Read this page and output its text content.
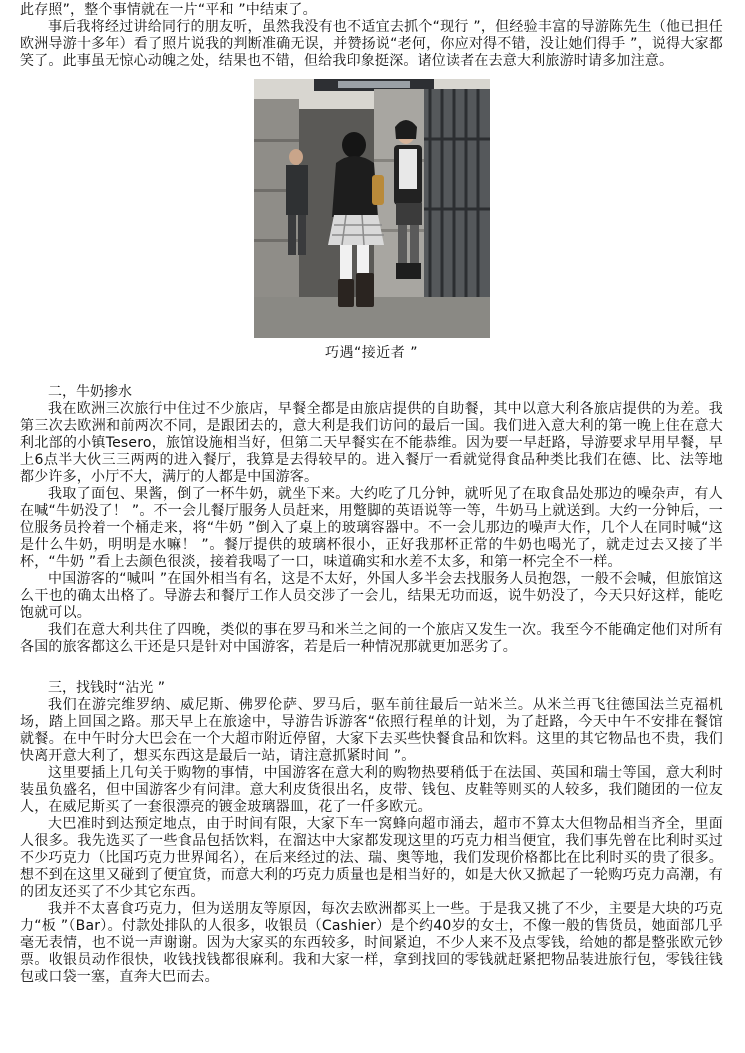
此存照”，整个事情就在一片“平和 ”中结束了。

事后我将经过讲给同行的朋友听，虽然我没有也不适宜去抓个“现行 ”，但经验丰富的导游陈先生（他已担任欧洲导游十多年）看了照片说我的判断准确无误，并赞扬说“老何，你应对得不错，没让她们得手 ”，说得大家都笑了。此事虽无惊心动魄之处，结果也不错，但给我印象挺深。诸位读者在去意大利旅游时请多加注意。

巧遇“接近者 ”
二，牛奶掺水

我在欧洲三次旅行中住过不少旅店，早餐全都是由旅店提供的自助餐，其中以意大利各旅店提供的为差。我第三次去欧洲和前两次不同，是跟团去的，意大利是我们访问的最后一国。我们进入意大利的第一晚上住在意大利北部的小镇Tesero，旅馆设施相当好，但第二天早餐实在不能恭维。因为要一早赶路，导游要求早用早餐，早上6点半大伙三三两两的进入餐厅，我算是去得较早的。进入餐厅一看就觉得食品种类比我们在德、比、法等地都少许多，小厅不大，满厅的人都是中国游客。

我取了面包、果酱，倒了一杯牛奶，就坐下来。大约吃了几分钟，就听见了在取食品处那边的噪杂声，有人在喊“牛奶没了！ ”。不一会儿餐厅服务人员赶来，用蹩脚的英语说等一等，牛奶马上就送到。大约一分钟后，一位服务员拎着一个桶走来，将“牛奶 ”倒入了桌上的玻璃容器中。不一会儿那边的噪声大作，几个人在同时喊“这是什么牛奶，明明是水嘛！ ”。餐厅提供的玻璃杯很小，正好我那杯正常的牛奶也喝光了，就走过去又接了半杯，“牛奶 ”看上去颜色很淡，接着我喝了一口，味道确实和水差不太多，和第一杯完全不一样。

中国游客的“喊叫 ”在国外相当有名，这是不太好，外国人多半会去找服务人员抱怨，一般不会喊，但旅馆这么干也的确太出格了。导游去和餐厅工作人员交涉了一会儿，结果无功而返，说牛奶没了，今天只好这样，能吃饱就可以。

我们在意大利共住了四晚，类似的事在罗马和米兰之间的一个旅店又发生一次。我至今不能确定他们对所有各国的旅客都这么干还是只是针对中国游客，若是后一种情况那就更加恶劣了。

三，找钱时“沾光 ”

我们在游完维罗纳、威尼斯、佛罗伦萨、罗马后，驱车前往最后一站米兰。从米兰再飞往德国法兰克福机场，踏上回国之路。那天早上在旅途中，导游告诉游客“依照行程单的计划，为了赶路，今天中午不安排在餐馆就餐。在中午时分大巴会在一个大超市附近停留，大家下去买些快餐食品和饮料。这里的其它物品也不贵，我们快离开意大利了，想买东西这是最后一站，请注意抓紧时间 ”。

这里要插上几句关于购物的事情，中国游客在意大利的购物热要稍低于在法国、英国和瑞士等国，意大利时装虽负盛名，但中国游客少有问津。意大利皮货很出名，皮带、钱包、皮鞋等则买的人较多，我们随团的一位友人，在威尼斯买了一套很漂亮的镀金玻璃器皿，花了一仟多欧元。

大巴准时到达预定地点，由于时间有限，大家下车一窝蜂向超市涌去，超市不算太大但物品相当齐全，里面人很多。我先选买了一些食品包括饮料，在溜达中大家都发现这里的巧克力相当便宜，我们事先曾在比利时买过不少巧克力（比国巧克力世界闻名），在后来经过的法、瑞、奥等地，我们发现价格都比在比利时买的贵了很多。想不到在这里又碰到了便宜货，而意大利的巧克力质量也是相当好的，如是大伙又掀起了一轮购巧克力高潮，有的团友还买了不少其它东西。

我并不太喜食巧克力，但为送朋友等原因，每次去欧洲都买上一些。于是我又挑了不少，主要是大块的巧克力“板 ”（Bar）。付款处排队的人很多，收银员（Cashier）是个约40岁的女士，不像一般的售货员，她面部几乎毫无表情，也不说一声谢谢。因为大家买的东西较多，时间紧迫，不少人来不及点零钱，给她的都是整张欧元钞票。收银员动作很快，收钱找钱都很麻利。我和大家一样，拿到找回的零钱就赶紧把物品装进旅行包，零钱往钱包或口袋一塞，直奔大巴而去。
